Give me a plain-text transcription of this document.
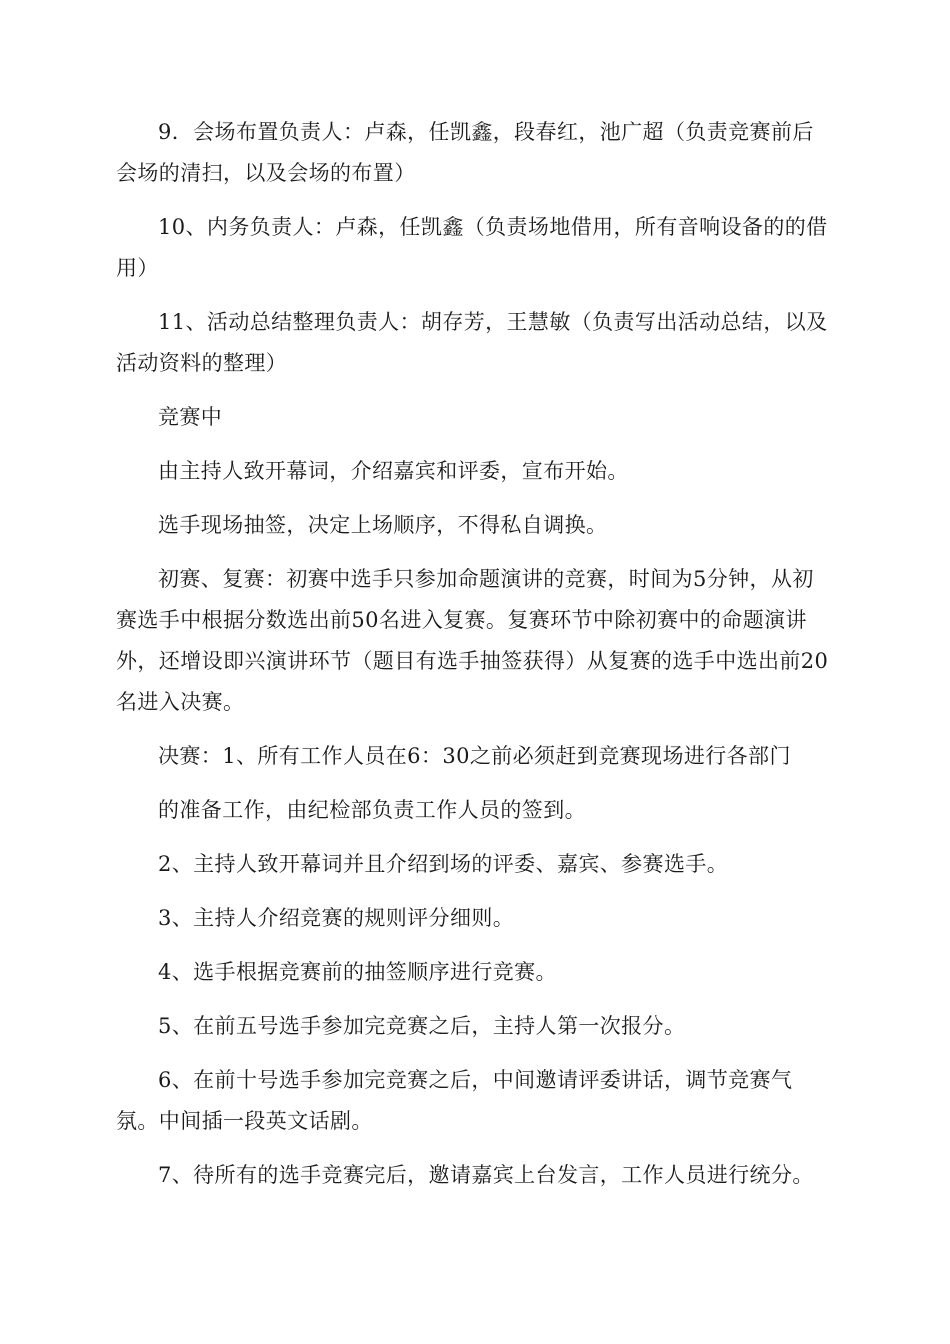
9．会场布置负责人：卢森，任凯鑫，段春红，池广超（负责竞赛前后会场的清扫，以及会场的布置）

10、内务负责人：卢森，任凯鑫（负责场地借用，所有音响设备的的借用）

11、活动总结整理负责人：胡存芳，王慧敏（负责写出活动总结，以及活动资料的整理）

竞赛中

由主持人致开幕词，介绍嘉宾和评委，宣布开始。

选手现场抽签，决定上场顺序，不得私自调换。

初赛、复赛：初赛中选手只参加命题演讲的竞赛，时间为5分钟，从初赛选手中根据分数选出前50名进入复赛。复赛环节中除初赛中的命题演讲外，还增设即兴演讲环节（题目有选手抽签获得）从复赛的选手中选出前20名进入决赛。

决赛：1、所有工作人员在6：30之前必须赶到竞赛现场进行各部门

的准备工作，由纪检部负责工作人员的签到。

2、主持人致开幕词并且介绍到场的评委、嘉宾、参赛选手。

3、主持人介绍竞赛的规则评分细则。

4、选手根据竞赛前的抽签顺序进行竞赛。

5、在前五号选手参加完竞赛之后，主持人第一次报分。

6、在前十号选手参加完竞赛之后，中间邀请评委讲话，调节竞赛气氛。中间插一段英文话剧。

7、待所有的选手竞赛完后，邀请嘉宾上台发言，工作人员进行统分。
